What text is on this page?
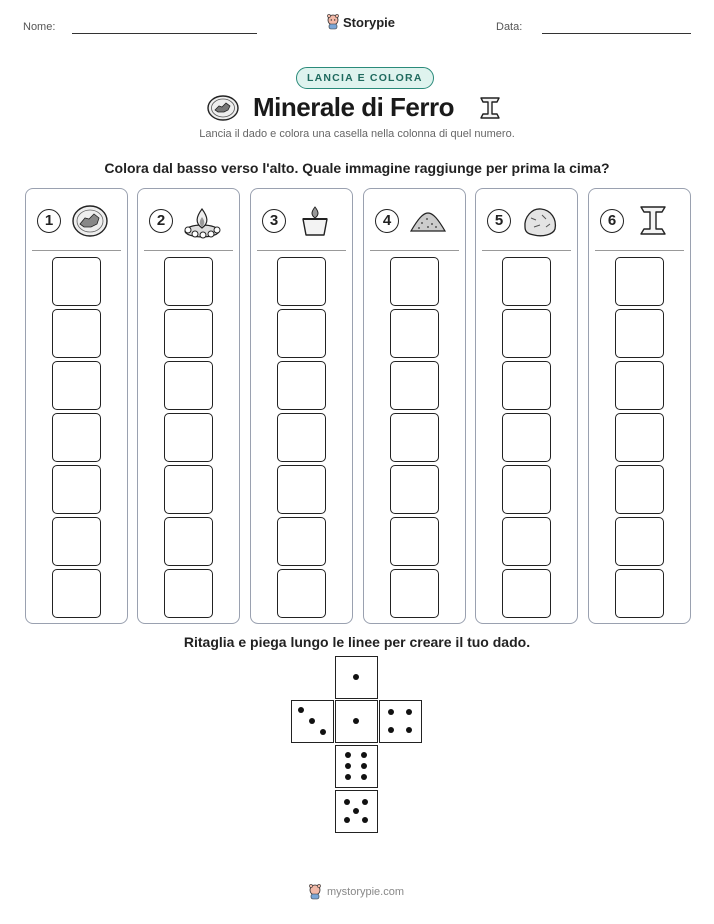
Nome:	Storypie	Data:
LANCIA E COLORA
Minerale di Ferro
Lancia il dado e colora una casella nella colonna di quel numero.
Colora dal basso verso l'alto. Quale immagine raggiunge per prima la cima?
1	2	3	4	5	6
Ritaglia e piega lungo le linee per creare il tuo dado.
mystorypie.com
